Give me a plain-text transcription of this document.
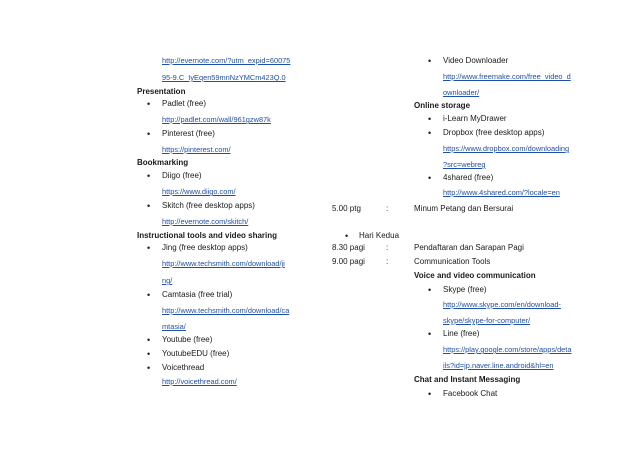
http://evernote.com/?utm_expid=60075
95-9.C_IyEqen59mnNzYMCm423Q.0
Presentation
• Padlet (free)
http://padlet.com/wall/961gzw87k
• Pinterest (free)
https://pinterest.com/
Bookmarking
• Diigo (free)
https://www.diigo.com/
• Skitch (free desktop apps)
http://evernote.com/skitch/
Instructional tools and video sharing
• Jing (free desktop apps)
http://www.techsmith.com/download/ji
ng/
• Camtasia (free trial)
http://www.techsmith.com/download/ca
mtasia/
• Youtube (free)
• YoutubeEDU (free)
• Voicethread
http://voicethread.com/
• Video Downloader
http://www.freemake.com/free_video_d
ownloader/
Online storage
• i-Learn MyDrawer
• Dropbox (free desktop apps)
https://www.dropbox.com/downloading
?src=webreg
• 4shared (free)
http://www.4shared.com/?locale=en
5.00 ptg	:	Minum Petang dan Bersurai
• Hari Kedua
8.30 pagi	:	Pendaftaran dan Sarapan Pagi
9.00 pagi	:	Communication Tools
Voice and video communication
• Skype (free)
http://www.skype.com/en/download-
skype/skype-for-computer/
• Line (free)
https://play.google.com/store/apps/deta
ils?id=jp.naver.line.android&hl=en
Chat and Instant Messaging
• Facebook Chat
